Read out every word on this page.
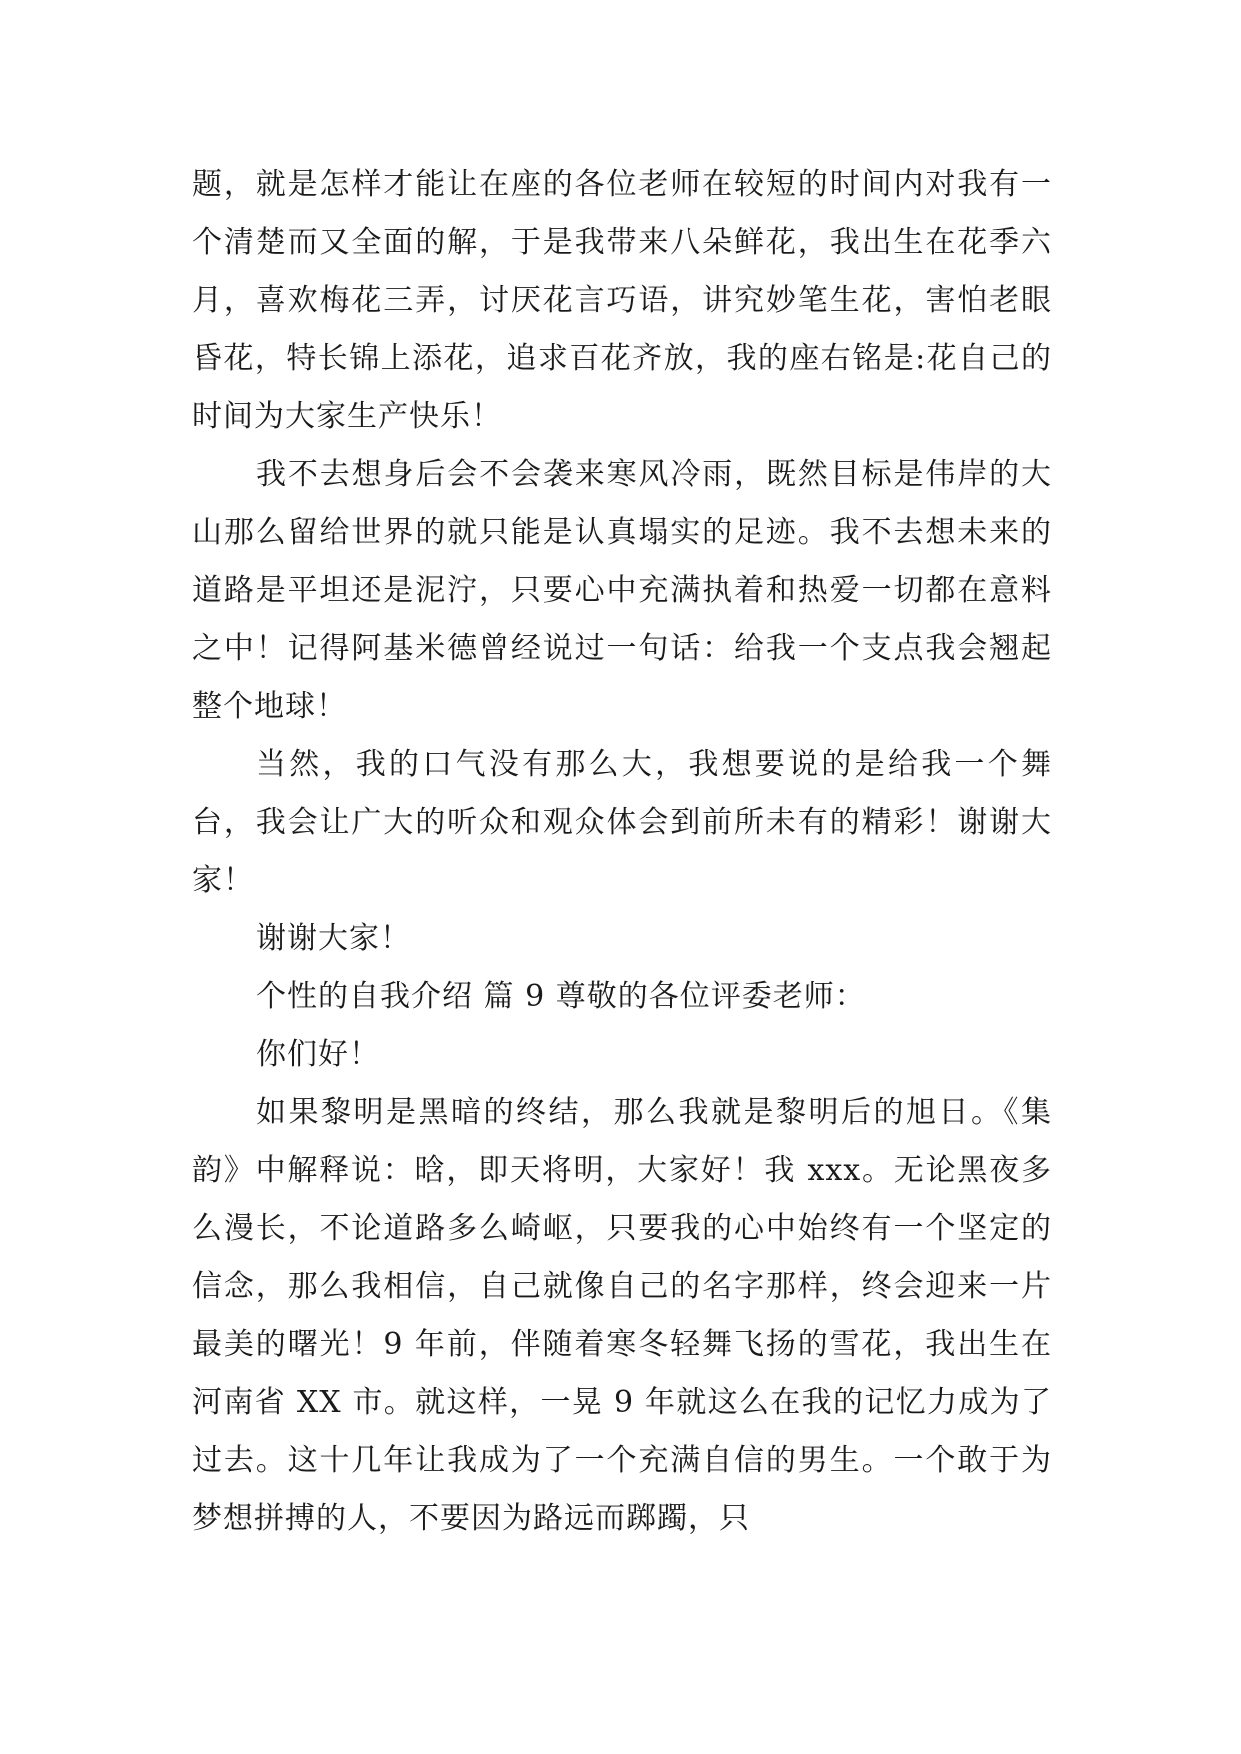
题，就是怎样才能让在座的各位老师在较短的时间内对我有一个清楚而又全面的解，于是我带来八朵鲜花，我出生在花季六月，喜欢梅花三弄，讨厌花言巧语，讲究妙笔生花，害怕老眼昏花，特长锦上添花，追求百花齐放，我的座右铭是:花自己的时间为大家生产快乐！

我不去想身后会不会袭来寒风冷雨，既然目标是伟岸的大山那么留给世界的就只能是认真塌实的足迹。我不去想未来的道路是平坦还是泥泞，只要心中充满执着和热爱一切都在意料之中！记得阿基米德曾经说过一句话：给我一个支点我会翘起整个地球！

当然，我的口气没有那么大，我想要说的是给我一个舞台，我会让广大的听众和观众体会到前所未有的精彩！谢谢大家！

谢谢大家！

个性的自我介绍 篇 9 尊敬的各位评委老师：

你们好！

如果黎明是黑暗的终结，那么我就是黎明后的旭日。《集韵》中解释说：晗，即天将明，大家好！我 xxx。无论黑夜多么漫长，不论道路多么崎岖，只要我的心中始终有一个坚定的信念，那么我相信，自己就像自己的名字那样，终会迎来一片最美的曙光！9 年前，伴随着寒冬轻舞飞扬的雪花，我出生在河南省 XX 市。就这样，一晃 9 年就这么在我的记忆力成为了过去。这十几年让我成为了一个充满自信的男生。一个敢于为梦想拼搏的人，不要因为路远而踯躅，只
